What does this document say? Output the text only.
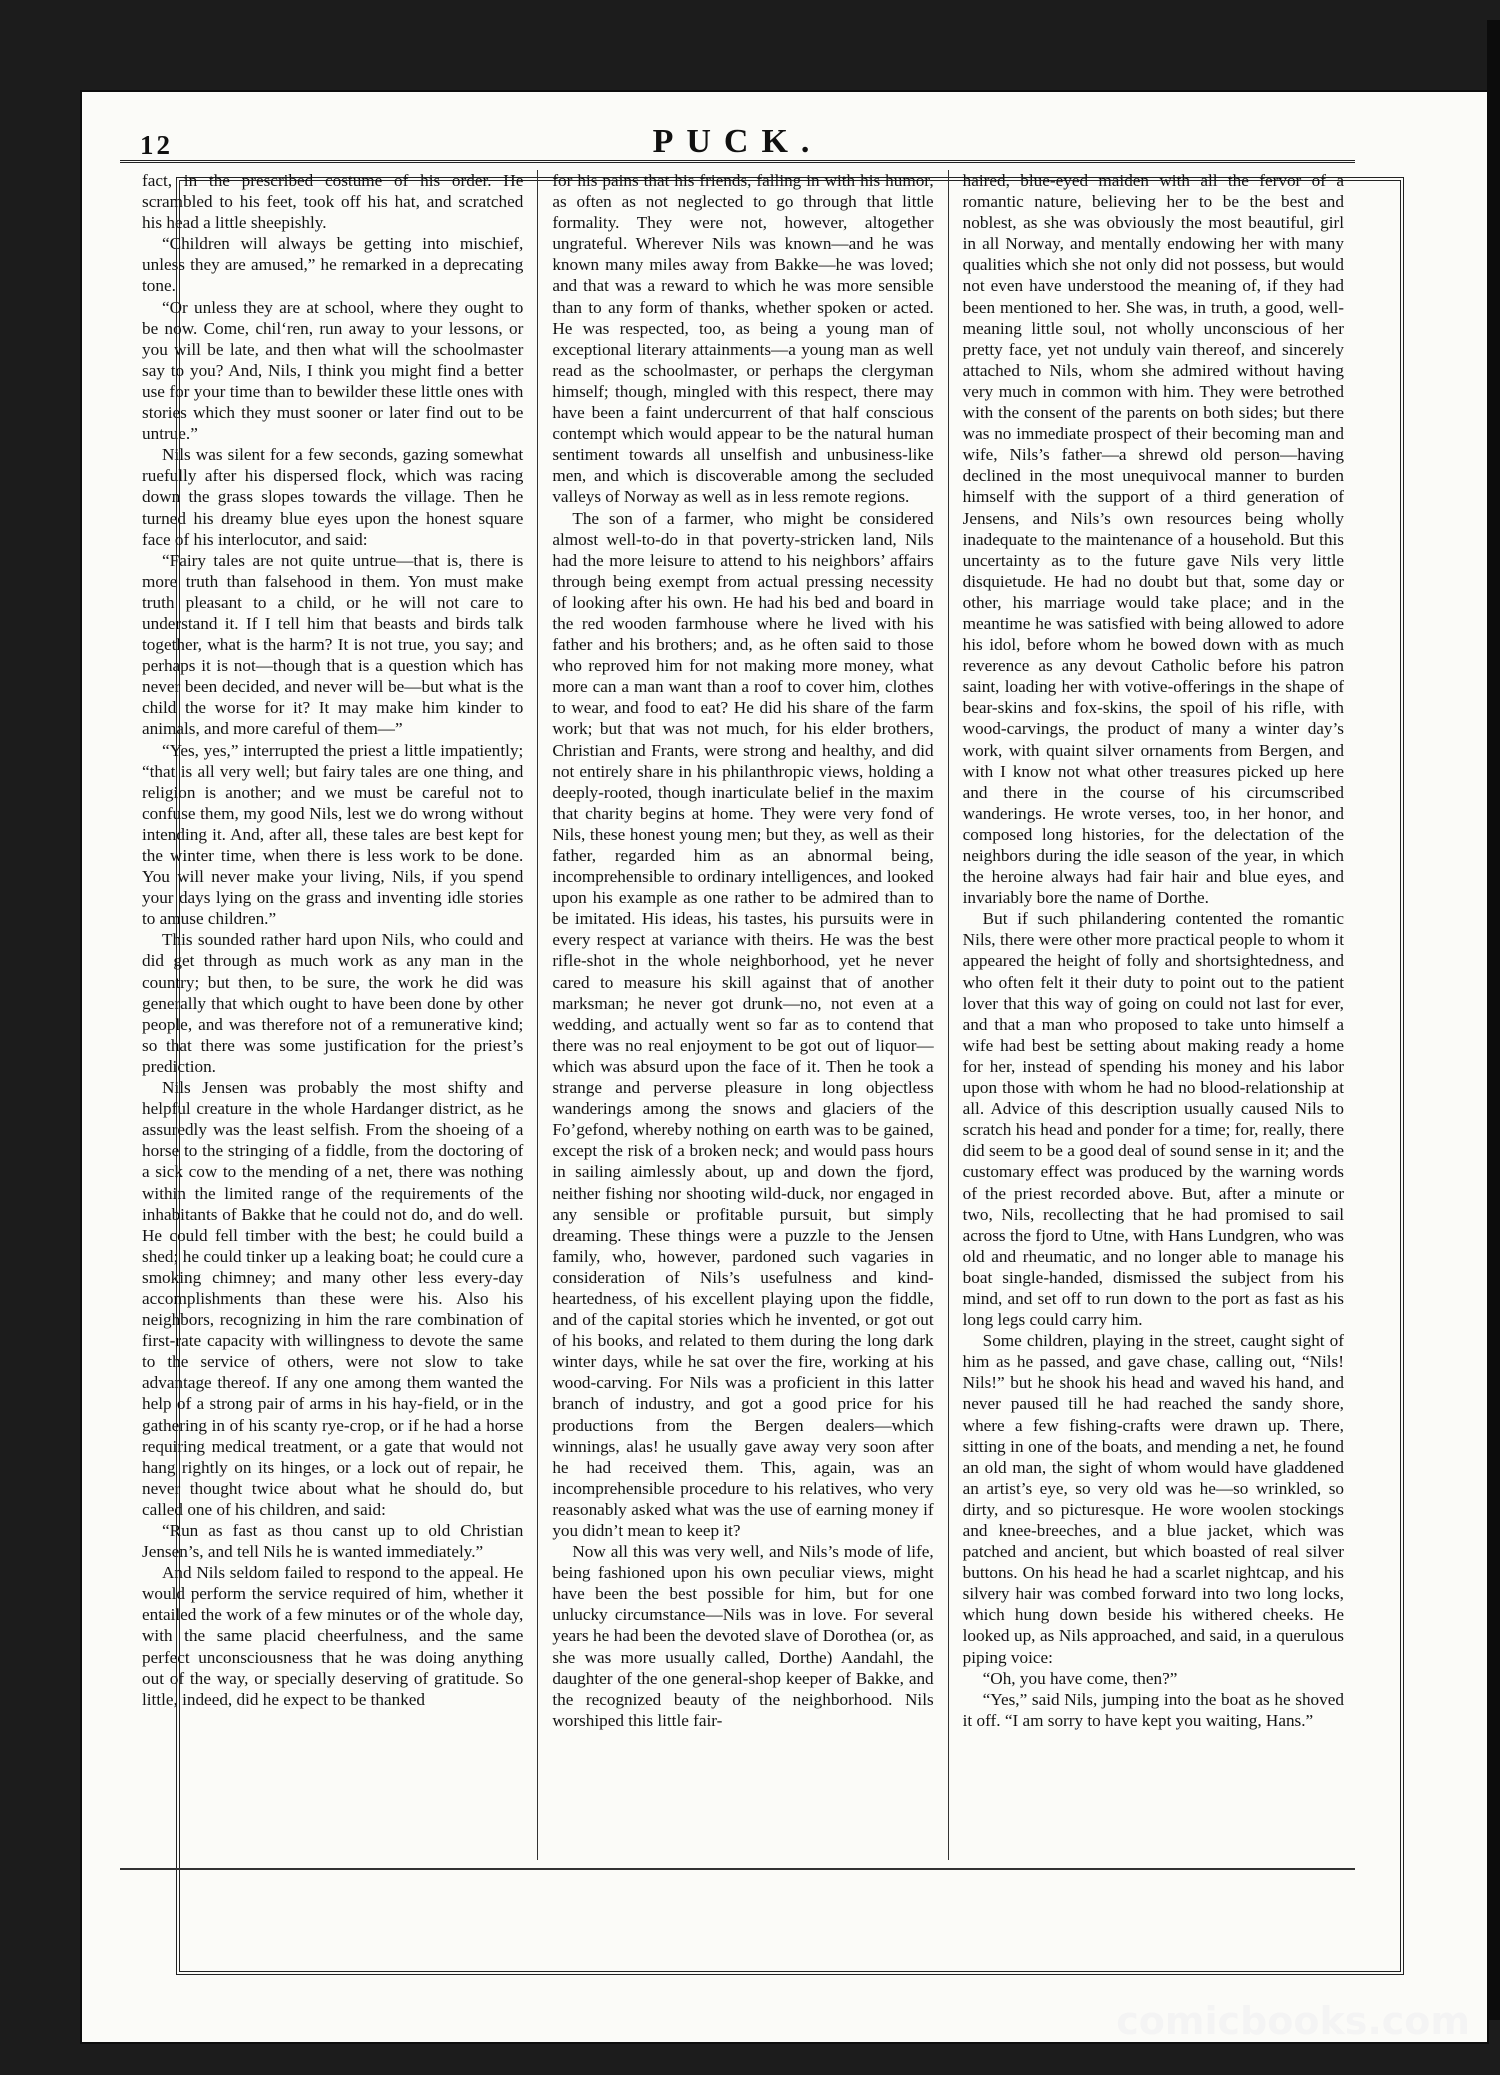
12	PUCK.

fact, in the prescribed costume of his order. He scrambled to his feet, took off his hat, and scratched his head a little sheepishly.

“Children will always be getting into mischief, unless they are amused,” he remarked in a deprecating tone.

“Or unless they are at school, where they ought to be now. Come, chil‘ren, run away to your lessons, or you will be late, and then what will the schoolmaster say to you? And, Nils, I think you might find a better use for your time than to bewilder these little ones with stories which they must sooner or later find out to be untrue.”

Nils was silent for a few seconds, gazing somewhat ruefully after his dispersed flock, which was racing down the grass slopes towards the village. Then he turned his dreamy blue eyes upon the honest square face of his interlocutor, and said:

“Fairy tales are not quite untrue—that is, there is more truth than falsehood in them. Yon must make truth pleasant to a child, or he will not care to understand it. If I tell him that beasts and birds talk together, what is the harm? It is not true, you say; and perhaps it is not—though that is a question which has never been decided, and never will be—but what is the child the worse for it? It may make him kinder to animals, and more careful of them—”

“Yes, yes,” interrupted the priest a little impatiently; “that is all very well; but fairy tales are one thing, and religion is another; and we must be careful not to confuse them, my good Nils, lest we do wrong without intending it. And, after all, these tales are best kept for the winter time, when there is less work to be done. You will never make your living, Nils, if you spend your days lying on the grass and inventing idle stories to amuse children.”

This sounded rather hard upon Nils, who could and did get through as much work as any man in the country; but then, to be sure, the work he did was generally that which ought to have been done by other people, and was therefore not of a remunerative kind; so that there was some justification for the priest’s prediction.

Nils Jensen was probably the most shifty and helpful creature in the whole Hardanger district, as he assuredly was the least selfish. From the shoeing of a horse to the stringing of a fiddle, from the doctoring of a sick cow to the mending of a net, there was nothing within the limited range of the requirements of the inhabitants of Bakke that he could not do, and do well. He could fell timber with the best; he could build a shed; he could tinker up a leaking boat; he could cure a smoking chimney; and many other less every-day accomplishments than these were his. Also his neighbors, recognizing in him the rare combination of first-rate capacity with willingness to devote the same to the service of others, were not slow to take advantage thereof. If any one among them wanted the help of a strong pair of arms in his hay-field, or in the gathering in of his scanty rye-crop, or if he had a horse requiring medical treatment, or a gate that would not hang rightly on its hinges, or a lock out of repair, he never thought twice about what he should do, but called one of his children, and said:

“Run as fast as thou canst up to old Christian Jensen’s, and tell Nils he is wanted immediately.”

And Nils seldom failed to respond to the appeal. He would perform the service required of him, whether it entailed the work of a few minutes or of the whole day, with the same placid cheerfulness, and the same perfect unconsciousness that he was doing anything out of the way, or specially deserving of gratitude. So little, indeed, did he expect to be thanked

for his pains that his friends, falling in with his humor, as often as not neglected to go through that little formality. They were not, however, altogether ungrateful. Wherever Nils was known—and he was known many miles away from Bakke—he was loved; and that was a reward to which he was more sensible than to any form of thanks, whether spoken or acted. He was respected, too, as being a young man of exceptional literary attainments—a young man as well read as the schoolmaster, or perhaps the clergyman himself; though, mingled with this respect, there may have been a faint undercurrent of that half conscious contempt which would appear to be the natural human sentiment towards all unselfish and unbusiness-like men, and which is discoverable among the secluded valleys of Norway as well as in less remote regions.

The son of a farmer, who might be considered almost well-to-do in that poverty-stricken land, Nils had the more leisure to attend to his neighbors’ affairs through being exempt from actual pressing necessity of looking after his own. He had his bed and board in the red wooden farmhouse where he lived with his father and his brothers; and, as he often said to those who reproved him for not making more money, what more can a man want than a roof to cover him, clothes to wear, and food to eat? He did his share of the farm work; but that was not much, for his elder brothers, Christian and Frants, were strong and healthy, and did not entirely share in his philanthropic views, holding a deeply-rooted, though inarticulate belief in the maxim that charity begins at home. They were very fond of Nils, these honest young men; but they, as well as their father, regarded him as an abnormal being, incomprehensible to ordinary intelligences, and looked upon his example as one rather to be admired than to be imitated. His ideas, his tastes, his pursuits were in every respect at variance with theirs. He was the best rifle-shot in the whole neighborhood, yet he never cared to measure his skill against that of another marksman; he never got drunk—no, not even at a wedding, and actually went so far as to contend that there was no real enjoyment to be got out of liquor—which was absurd upon the face of it. Then he took a strange and perverse pleasure in long objectless wanderings among the snows and glaciers of the Fo’gefond, whereby nothing on earth was to be gained, except the risk of a broken neck; and would pass hours in sailing aimlessly about, up and down the fjord, neither fishing nor shooting wild-duck, nor engaged in any sensible or profitable pursuit, but simply dreaming. These things were a puzzle to the Jensen family, who, however, pardoned such vagaries in consideration of Nils’s usefulness and kind-heartedness, of his excellent playing upon the fiddle, and of the capital stories which he invented, or got out of his books, and related to them during the long dark winter days, while he sat over the fire, working at his wood-carving. For Nils was a proficient in this latter branch of industry, and got a good price for his productions from the Bergen dealers—which winnings, alas! he usually gave away very soon after he had received them. This, again, was an incomprehensible procedure to his relatives, who very reasonably asked what was the use of earning money if you didn’t mean to keep it?

Now all this was very well, and Nils’s mode of life, being fashioned upon his own peculiar views, might have been the best possible for him, but for one unlucky circumstance—Nils was in love. For several years he had been the devoted slave of Dorothea (or, as she was more usually called, Dorthe) Aandahl, the daughter of the one general-shop keeper of Bakke, and the recognized beauty of the neighborhood. Nils worshiped this little fair-

haired, blue-eyed maiden with all the fervor of a romantic nature, believing her to be the best and noblest, as she was obviously the most beautiful, girl in all Norway, and mentally endowing her with many qualities which she not only did not possess, but would not even have understood the meaning of, if they had been mentioned to her. She was, in truth, a good, well-meaning little soul, not wholly unconscious of her pretty face, yet not unduly vain thereof, and sincerely attached to Nils, whom she admired without having very much in common with him. They were betrothed with the consent of the parents on both sides; but there was no immediate prospect of their becoming man and wife, Nils’s father—a shrewd old person—having declined in the most unequivocal manner to burden himself with the support of a third generation of Jensens, and Nils’s own resources being wholly inadequate to the maintenance of a household. But this uncertainty as to the future gave Nils very little disquietude. He had no doubt but that, some day or other, his marriage would take place; and in the meantime he was satisfied with being allowed to adore his idol, before whom he bowed down with as much reverence as any devout Catholic before his patron saint, loading her with votive-offerings in the shape of bear-skins and fox-skins, the spoil of his rifle, with wood-carvings, the product of many a winter day’s work, with quaint silver ornaments from Bergen, and with I know not what other treasures picked up here and there in the course of his circumscribed wanderings. He wrote verses, too, in her honor, and composed long histories, for the delectation of the neighbors during the idle season of the year, in which the heroine always had fair hair and blue eyes, and invariably bore the name of Dorthe.

But if such philandering contented the romantic Nils, there were other more practical people to whom it appeared the height of folly and shortsightedness, and who often felt it their duty to point out to the patient lover that this way of going on could not last for ever, and that a man who proposed to take unto himself a wife had best be setting about making ready a home for her, instead of spending his money and his labor upon those with whom he had no blood-relationship at all. Advice of this description usually caused Nils to scratch his head and ponder for a time; for, really, there did seem to be a good deal of sound sense in it; and the customary effect was produced by the warning words of the priest recorded above. But, after a minute or two, Nils, recollecting that he had promised to sail across the fjord to Utne, with Hans Lundgren, who was old and rheumatic, and no longer able to manage his boat single-handed, dismissed the subject from his mind, and set off to run down to the port as fast as his long legs could carry him.

Some children, playing in the street, caught sight of him as he passed, and gave chase, calling out, “Nils! Nils!” but he shook his head and waved his hand, and never paused till he had reached the sandy shore, where a few fishing-crafts were drawn up. There, sitting in one of the boats, and mending a net, he found an old man, the sight of whom would have gladdened an artist’s eye, so very old was he—so wrinkled, so dirty, and so picturesque. He wore woolen stockings and knee-breeches, and a blue jacket, which was patched and ancient, but which boasted of real silver buttons. On his head he had a scarlet nightcap, and his silvery hair was combed forward into two long locks, which hung down beside his withered cheeks. He looked up, as Nils approached, and said, in a querulous piping voice:

“Oh, you have come, then?”

“Yes,” said Nils, jumping into the boat as he shoved it off. “I am sorry to have kept you waiting, Hans.”

comicbooks.com
